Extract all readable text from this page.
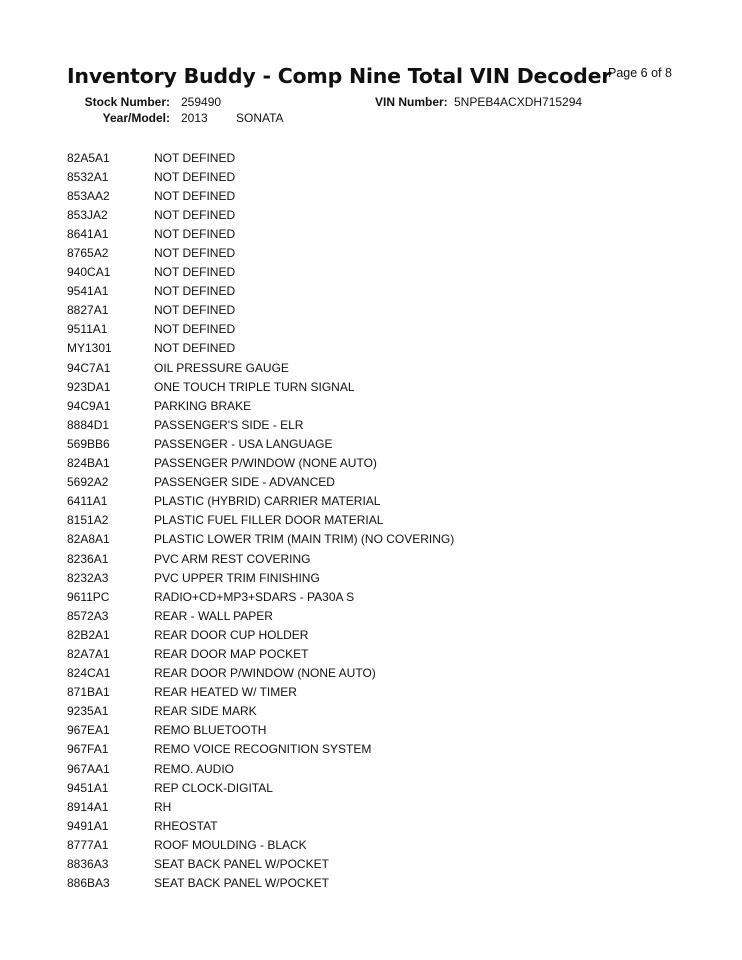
Inventory Buddy - Comp Nine Total VIN Decoder
Page 6 of 8
Stock Number: 259490	VIN Number: 5NPEB4ACXDH715294
Year/Model: 2013 SONATA
82A5A1	NOT DEFINED
8532A1	NOT DEFINED
853AA2	NOT DEFINED
853JA2	NOT DEFINED
8641A1	NOT DEFINED
8765A2	NOT DEFINED
940CA1	NOT DEFINED
9541A1	NOT DEFINED
8827A1	NOT DEFINED
9511A1	NOT DEFINED
MY1301	NOT DEFINED
94C7A1	OIL PRESSURE GAUGE
923DA1	ONE TOUCH TRIPLE TURN SIGNAL
94C9A1	PARKING BRAKE
8884D1	PASSENGER'S SIDE - ELR
569BB6	PASSENGER - USA LANGUAGE
824BA1	PASSENGER P/WINDOW (NONE AUTO)
5692A2	PASSENGER SIDE - ADVANCED
6411A1	PLASTIC (HYBRID) CARRIER MATERIAL
8151A2	PLASTIC FUEL FILLER DOOR MATERIAL
82A8A1	PLASTIC LOWER TRIM (MAIN TRIM) (NO COVERING)
8236A1	PVC ARM REST COVERING
8232A3	PVC UPPER TRIM FINISHING
9611PC	RADIO+CD+MP3+SDARS - PA30A S
8572A3	REAR - WALL PAPER
82B2A1	REAR DOOR CUP HOLDER
82A7A1	REAR DOOR MAP POCKET
824CA1	REAR DOOR P/WINDOW (NONE AUTO)
871BA1	REAR HEATED W/ TIMER
9235A1	REAR SIDE MARK
967EA1	REMO BLUETOOTH
967FA1	REMO VOICE RECOGNITION SYSTEM
967AA1	REMO. AUDIO
9451A1	REP CLOCK-DIGITAL
8914A1	RH
9491A1	RHEOSTAT
8777A1	ROOF MOULDING - BLACK
8836A3	SEAT BACK PANEL W/POCKET
886BA3	SEAT BACK PANEL W/POCKET
